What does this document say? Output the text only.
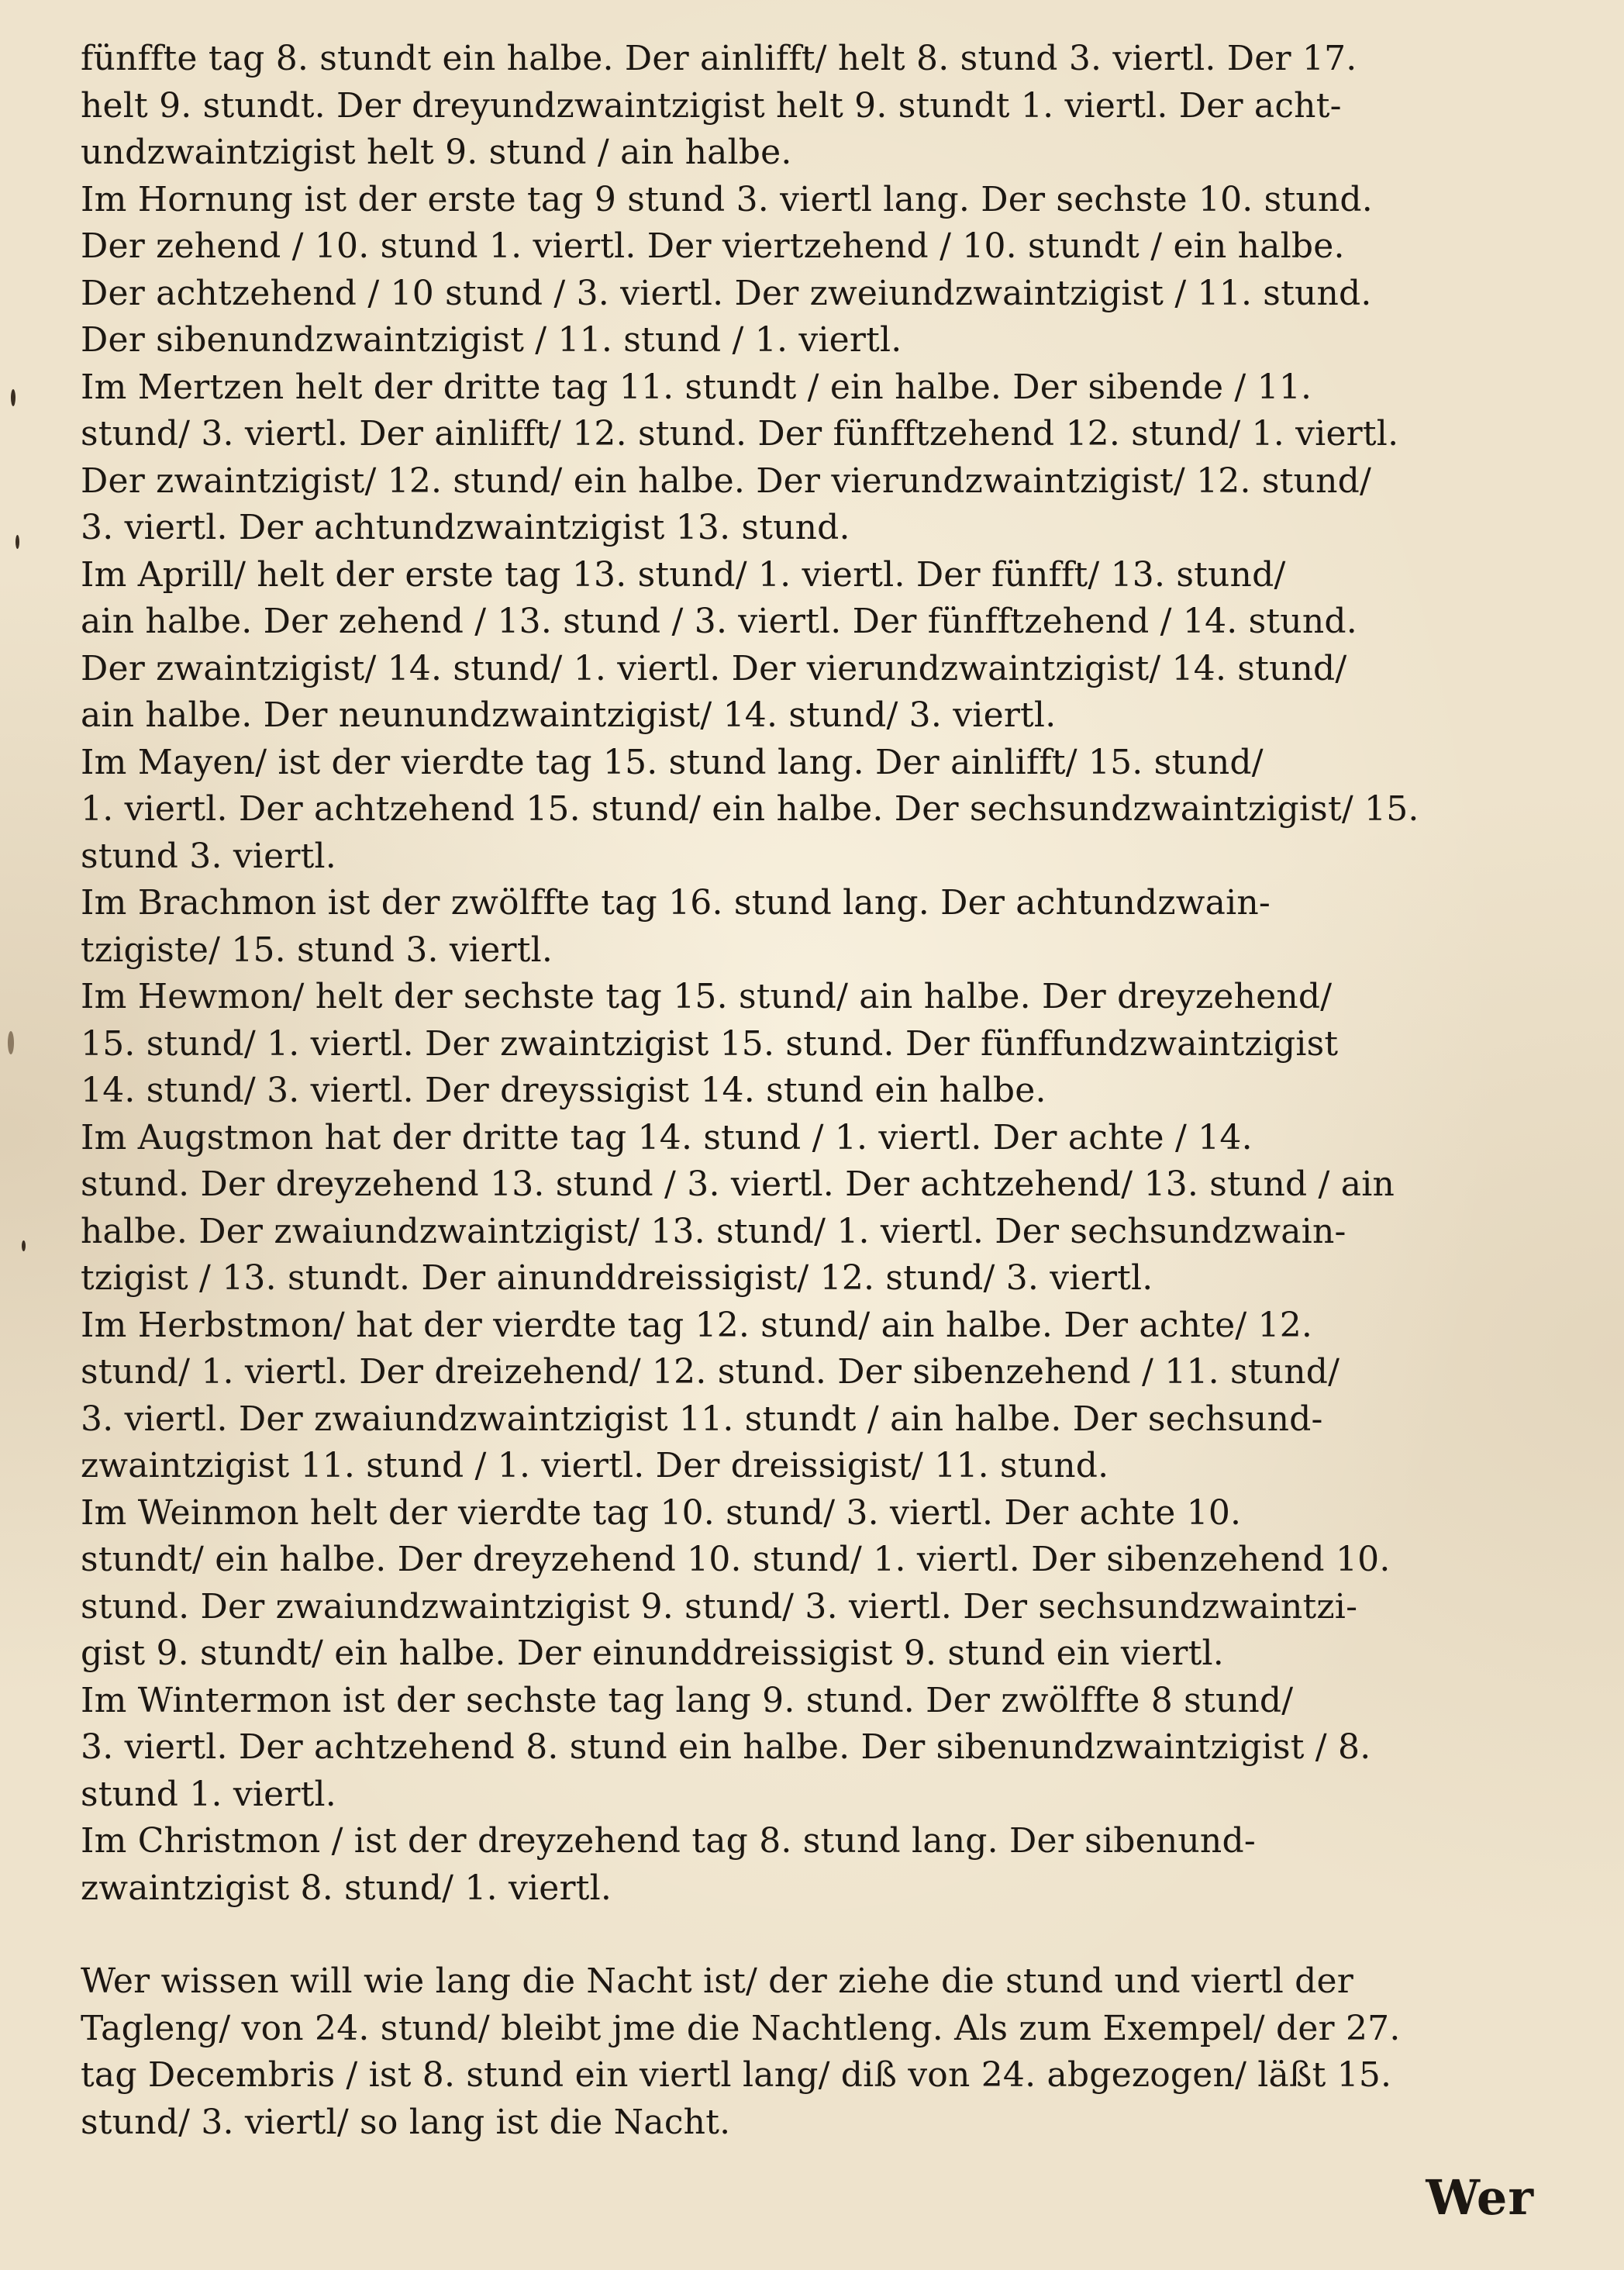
fünffte tag 8. stundt ein halbe. Der ainlifft/ helt 8. stund 3. viertl. Der 17.
helt 9. stundt. Der dreyundzwaintzigist helt 9. stundt 1. viertl. Der acht-
undzwaintzigist helt 9. stund / ain halbe.
Im Hornung ist der erste tag 9 stund 3. viertl lang. Der sechste 10. stund.
Der zehend / 10. stund 1. viertl. Der viertzehend / 10. stundt / ein halbe.
Der achtzehend / 10 stund / 3. viertl. Der zweiundzwaintzigist / 11. stund.
Der sibenundzwaintzigist / 11. stund / 1. viertl.
Im Mertzen helt der dritte tag 11. stundt / ein halbe. Der sibende / 11.
stund/ 3. viertl. Der ainlifft/ 12. stund. Der fünfftzehend 12. stund/ 1. viertl.
Der zwaintzigist/ 12. stund/ ein halbe. Der vierundzwaintzigist/ 12. stund/
3. viertl. Der achtundzwaintzigist 13. stund.
Im Aprill/ helt der erste tag 13. stund/ 1. viertl. Der fünfft/ 13. stund/
ain halbe. Der zehend / 13. stund / 3. viertl. Der fünfftzehend / 14. stund.
Der zwaintzigist/ 14. stund/ 1. viertl. Der vierundzwaintzigist/ 14. stund/
ain halbe. Der neunundzwaintzigist/ 14. stund/ 3. viertl.
Im Mayen/ ist der vierdte tag 15. stund lang. Der ainlifft/ 15. stund/
1. viertl. Der achtzehend 15. stund/ ein halbe. Der sechsundzwaintzigist/ 15.
stund 3. viertl.
Im Brachmon ist der zwölffte tag 16. stund lang. Der achtundzwain-
tzigiste/ 15. stund 3. viertl.
Im Hewmon/ helt der sechste tag 15. stund/ ain halbe. Der dreyzehend/
15. stund/ 1. viertl. Der zwaintzigist 15. stund. Der fünffundzwaintzigist
14. stund/ 3. viertl. Der dreyssigist 14. stund ein halbe.
Im Augstmon hat der dritte tag 14. stund / 1. viertl. Der achte / 14.
stund. Der dreyzehend 13. stund / 3. viertl. Der achtzehend/ 13. stund / ain
halbe. Der zwaiundzwaintzigist/ 13. stund/ 1. viertl. Der sechsundzwain-
tzigist / 13. stundt. Der ainunddreissigist/ 12. stund/ 3. viertl.
Im Herbstmon/ hat der vierdte tag 12. stund/ ain halbe. Der achte/ 12.
stund/ 1. viertl. Der dreizehend/ 12. stund. Der sibenzehend / 11. stund/
3. viertl. Der zwaiundzwaintzigist 11. stundt / ain halbe. Der sechsund-
zwaintzigist 11. stund / 1. viertl. Der dreissigist/ 11. stund.
Im Weinmon helt der vierdte tag 10. stund/ 3. viertl. Der achte 10.
stundt/ ein halbe. Der dreyzehend 10. stund/ 1. viertl. Der sibenzehend 10.
stund. Der zwaiundzwaintzigist 9. stund/ 3. viertl. Der sechsundzwaintzi-
gist 9. stundt/ ein halbe. Der einunddreissigist 9. stund ein viertl.
Im Wintermon ist der sechste tag lang 9. stund. Der zwölffte 8 stund/
3. viertl. Der achtzehend 8. stund ein halbe. Der sibenundzwaintzigist / 8.
stund 1. viertl.
Im Christmon / ist der dreyzehend tag 8. stund lang. Der sibenund-
zwaintzigist 8. stund/ 1. viertl.
Wer wissen will wie lang die Nacht ist/ der ziehe die stund und viertl der
Tagleng/ von 24. stund/ bleibt jme die Nachtleng. Als zum Exempel/ der 27.
tag Decembris / ist 8. stund ein viertl lang/ diß von 24. abgezogen/ läßt 15.
stund/ 3. viertl/ so lang ist die Nacht.
Wer
